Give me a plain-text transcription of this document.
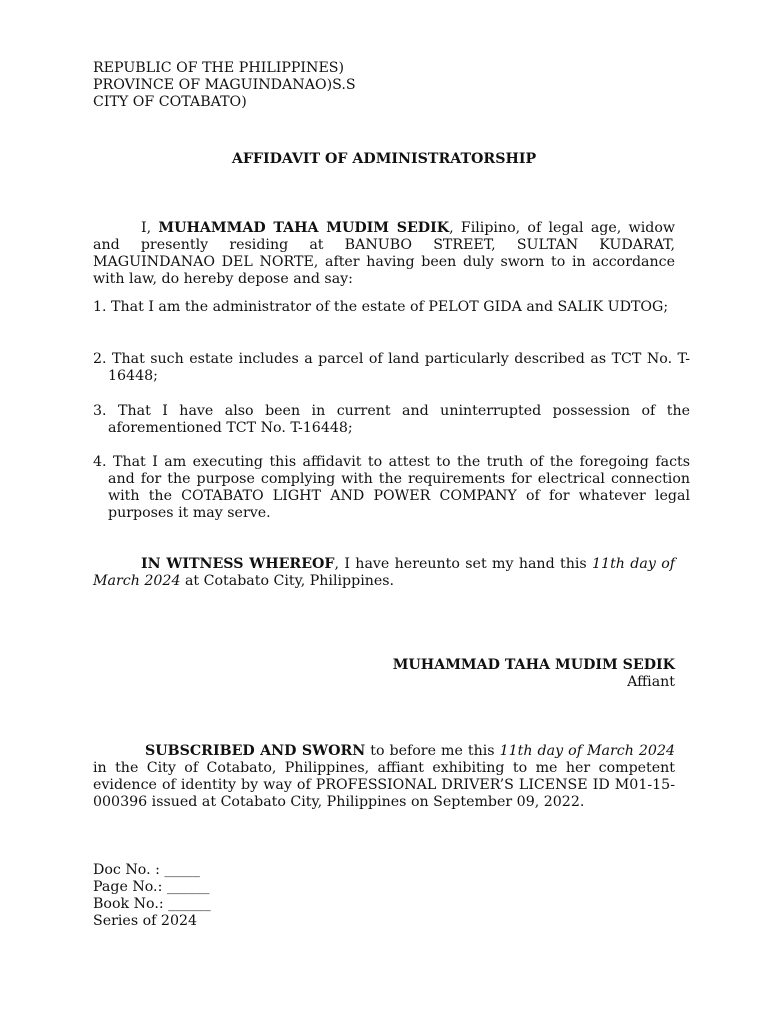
REPUBLIC OF THE PHILIPPINES)
PROVINCE OF MAGUINDANAO)S.S
CITY OF COTABATO)
AFFIDAVIT OF ADMINISTRATORSHIP
I, MUHAMMAD TAHA MUDIM SEDIK, Filipino, of legal age, widow and presently residing at BANUBO STREET, SULTAN KUDARAT, MAGUINDANAO DEL NORTE, after having been duly sworn to in accordance with law, do hereby depose and say:
1. That I am the administrator of the estate of PELOT GIDA and SALIK UDTOG;
2. That such estate includes a parcel of land particularly described as TCT No. T-16448;
3. That I have also been in current and uninterrupted possession of the aforementioned TCT No. T-16448;
4. That I am executing this affidavit to attest to the truth of the foregoing facts and for the purpose complying with the requirements for electrical connection with the COTABATO LIGHT AND POWER COMPANY of for whatever legal purposes it may serve.
IN WITNESS WHEREOF, I have hereunto set my hand this 11th day of March 2024 at Cotabato City, Philippines.
MUHAMMAD TAHA MUDIM SEDIK
Affiant
SUBSCRIBED AND SWORN to before me this 11th day of March 2024 in the City of Cotabato, Philippines, affiant exhibiting to me her competent evidence of identity by way of PROFESSIONAL DRIVER’S LICENSE ID M01-15-000396 issued at Cotabato City, Philippines on September 09, 2022.
Doc No. : _____
Page No.: ______
Book No.: ______
Series of 2024
